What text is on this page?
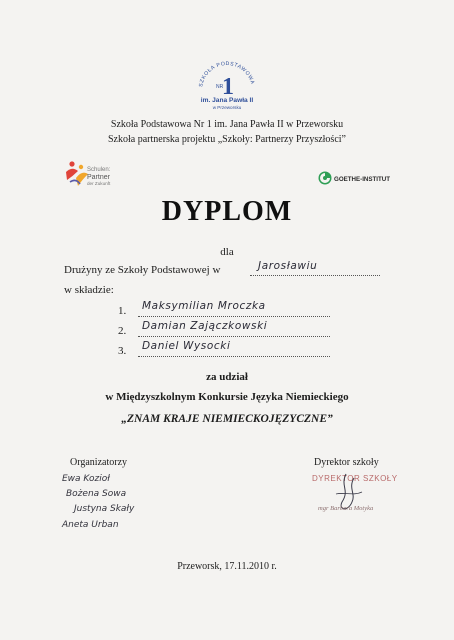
SZKOŁA PODSTAWOWA
NR
1
im. Jana Pawła II
w Przeworsku
Szkoła Podstawowa Nr 1 im. Jana Pawła II w Przeworsku
Szkoła partnerska projektu „Szkoły: Partnerzy Przyszłości”
Schulen:
Partner
der Zukunft
GOETHE-INSTITUT
DYPLOM
dla
Drużyny ze Szkoły Podstawowej w	Jarosławiu
w składzie:
1. Maksymilian Mroczka
2. Damian Zajączkowski
3. Daniel Wysocki
za udział
w Międzyszkolnym Konkursie Języka Niemieckiego
„ZNAM KRAJE NIEMIECKOJĘZYCZNE”
Organizatorzy
Ewa Kozioł
Bożena Sowa
Justyna Skały
Aneta Urban
Dyrektor szkoły
DYREKTOR SZKOŁY
mgr Barbara Motyka
Przeworsk, 17.11.2010 r.
